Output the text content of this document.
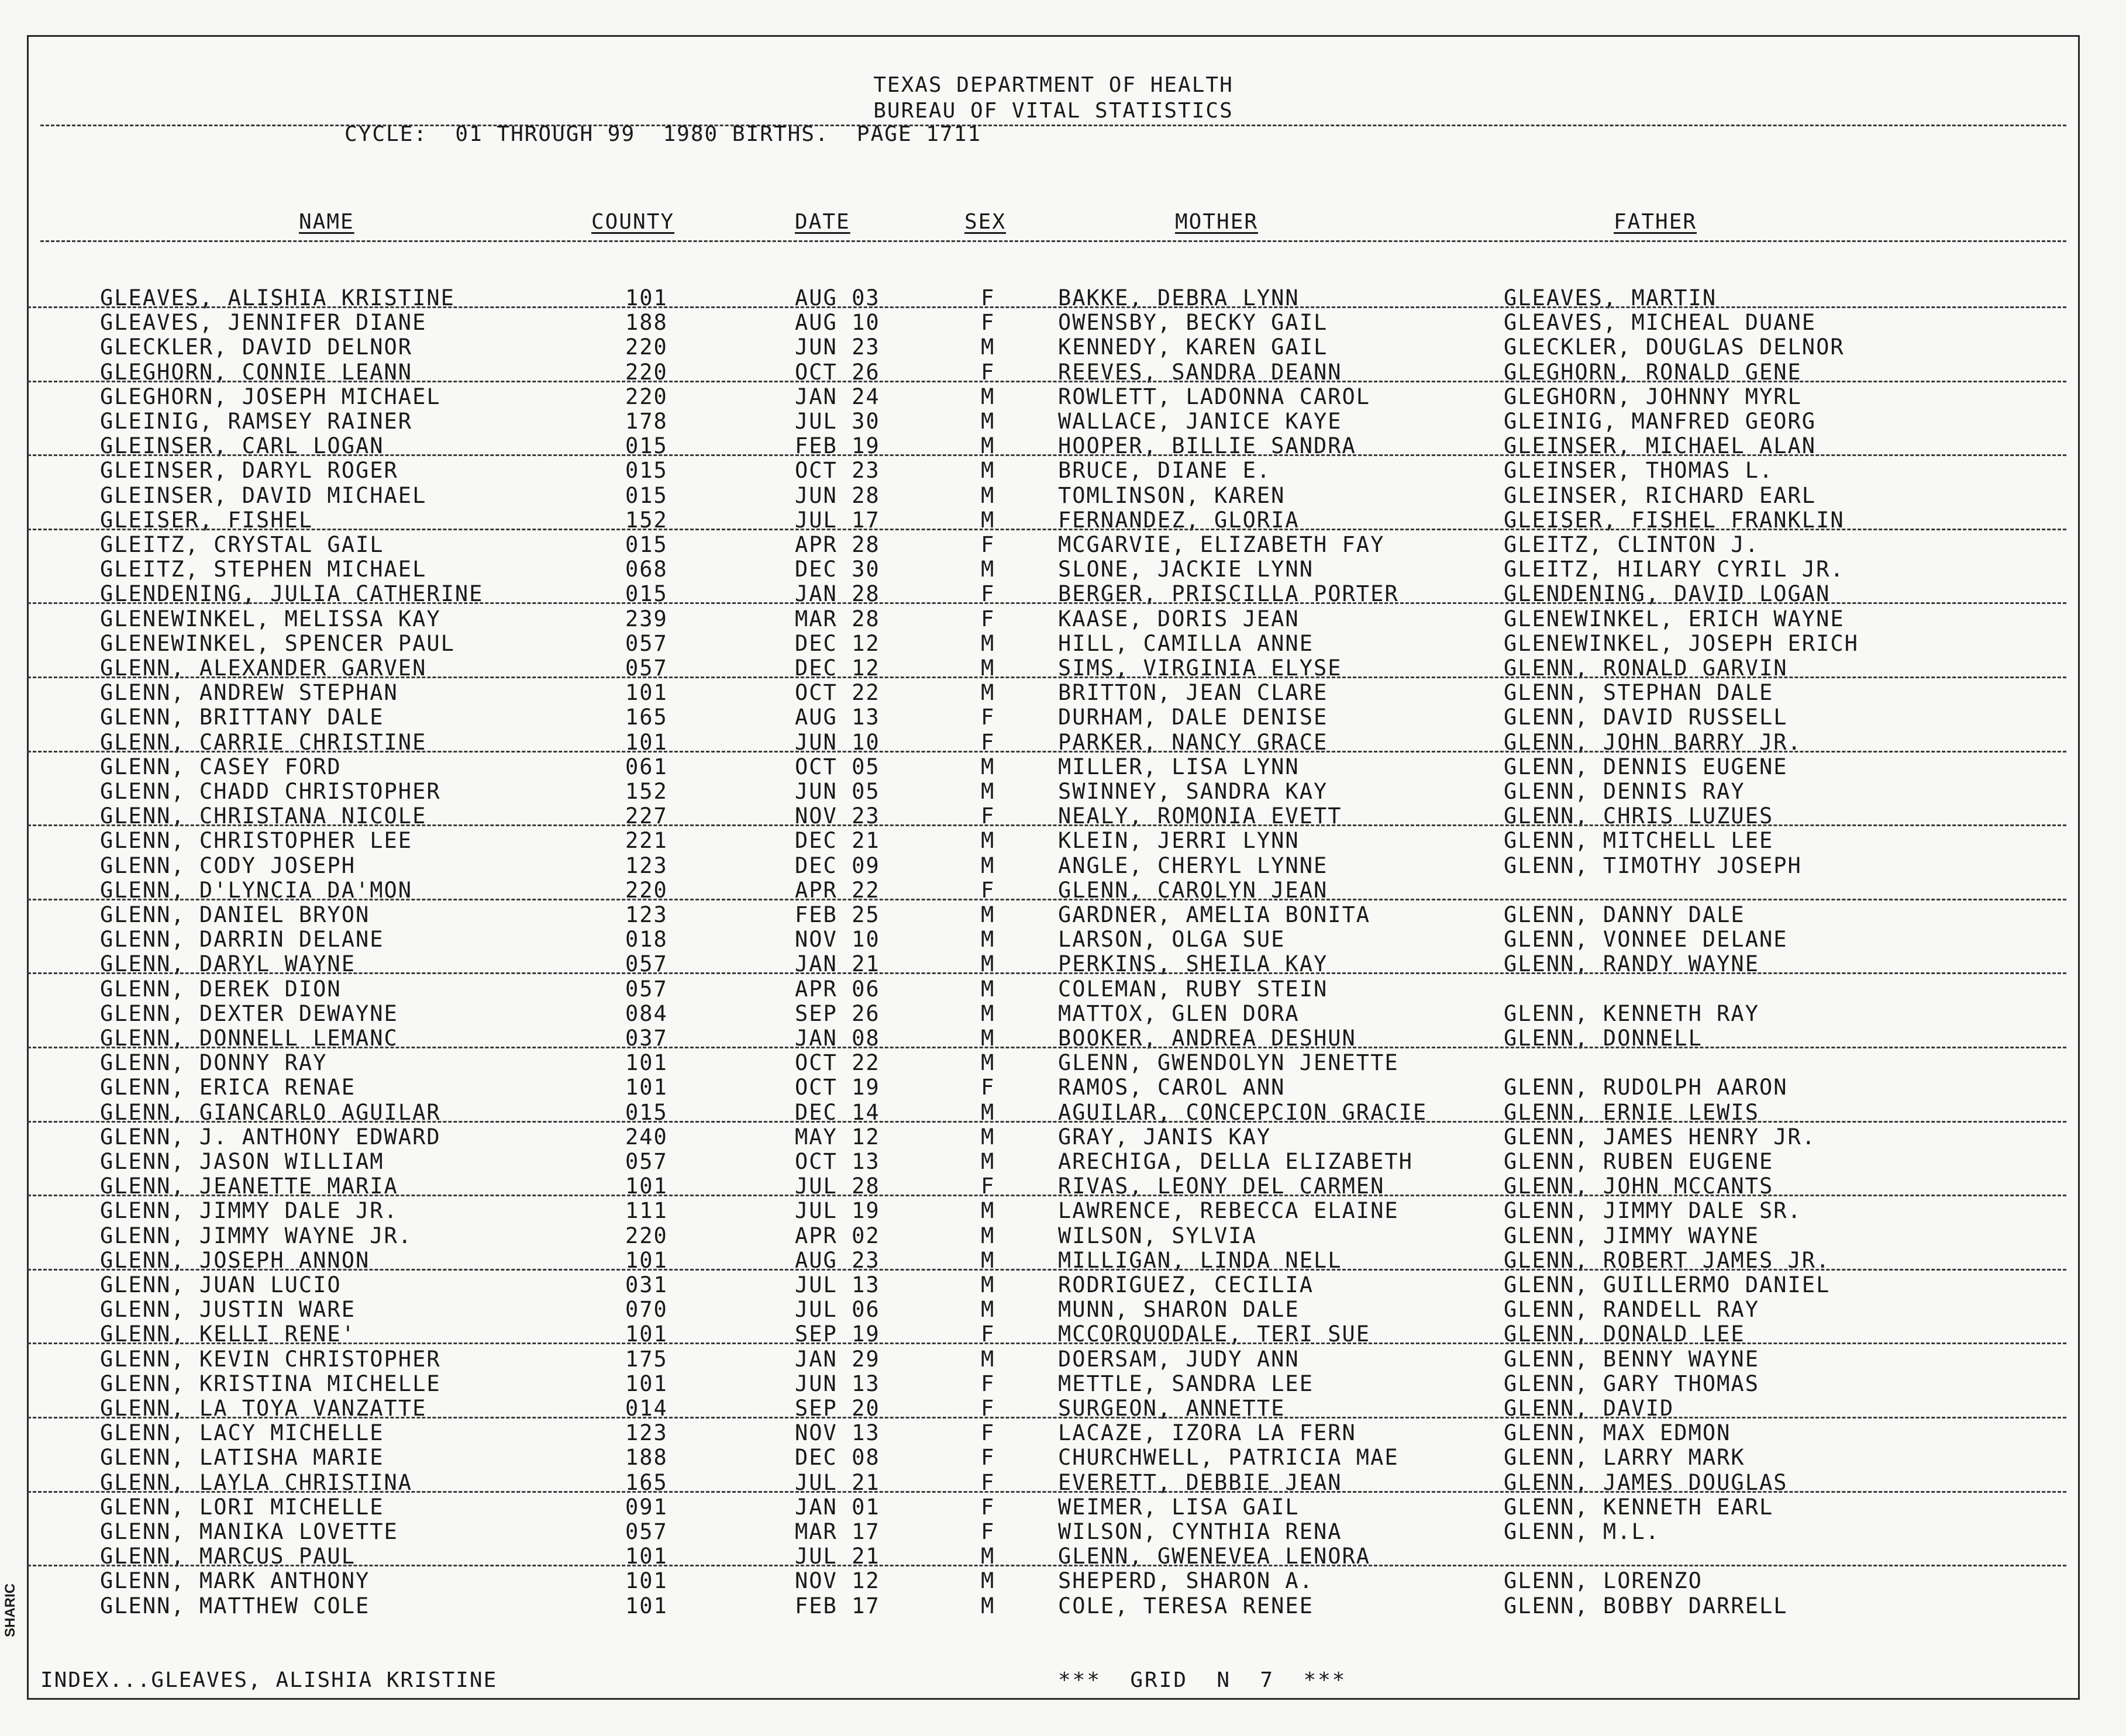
SHARIC
TEXAS DEPARTMENT OF HEALTH
BUREAU OF VITAL STATISTICS
CYCLE:  01 THROUGH 99  1980 BIRTHS.  PAGE 1711
NAME	COUNTY	DATE	SEX	MOTHER	FATHER
GLEAVES, ALISHIA KRISTINE	101	AUG 03	F	BAKKE, DEBRA LYNN	GLEAVES, MARTIN
GLEAVES, JENNIFER DIANE	188	AUG 10	F	OWENSBY, BECKY GAIL	GLEAVES, MICHEAL DUANE
GLECKLER, DAVID DELNOR	220	JUN 23	M	KENNEDY, KAREN GAIL	GLECKLER, DOUGLAS DELNOR
GLEGHORN, CONNIE LEANN	220	OCT 26	F	REEVES, SANDRA DEANN	GLEGHORN, RONALD GENE
GLEGHORN, JOSEPH MICHAEL	220	JAN 24	M	ROWLETT, LADONNA CAROL	GLEGHORN, JOHNNY MYRL
GLEINIG, RAMSEY RAINER	178	JUL 30	M	WALLACE, JANICE KAYE	GLEINIG, MANFRED GEORG
GLEINSER, CARL LOGAN	015	FEB 19	M	HOOPER, BILLIE SANDRA	GLEINSER, MICHAEL ALAN
GLEINSER, DARYL ROGER	015	OCT 23	M	BRUCE, DIANE E.	GLEINSER, THOMAS L.
GLEINSER, DAVID MICHAEL	015	JUN 28	M	TOMLINSON, KAREN	GLEINSER, RICHARD EARL
GLEISER, FISHEL	152	JUL 17	M	FERNANDEZ, GLORIA	GLEISER, FISHEL FRANKLIN
GLEITZ, CRYSTAL GAIL	015	APR 28	F	MCGARVIE, ELIZABETH FAY	GLEITZ, CLINTON J.
GLEITZ, STEPHEN MICHAEL	068	DEC 30	M	SLONE, JACKIE LYNN	GLEITZ, HILARY CYRIL JR.
GLENDENING, JULIA CATHERINE	015	JAN 28	F	BERGER, PRISCILLA PORTER	GLENDENING, DAVID LOGAN
GLENEWINKEL, MELISSA KAY	239	MAR 28	F	KAASE, DORIS JEAN	GLENEWINKEL, ERICH WAYNE
GLENEWINKEL, SPENCER PAUL	057	DEC 12	M	HILL, CAMILLA ANNE	GLENEWINKEL, JOSEPH ERICH
GLENN, ALEXANDER GARVEN	057	DEC 12	M	SIMS, VIRGINIA ELYSE	GLENN, RONALD GARVIN
GLENN, ANDREW STEPHAN	101	OCT 22	M	BRITTON, JEAN CLARE	GLENN, STEPHAN DALE
GLENN, BRITTANY DALE	165	AUG 13	F	DURHAM, DALE DENISE	GLENN, DAVID RUSSELL
GLENN, CARRIE CHRISTINE	101	JUN 10	F	PARKER, NANCY GRACE	GLENN, JOHN BARRY JR.
GLENN, CASEY FORD	061	OCT 05	M	MILLER, LISA LYNN	GLENN, DENNIS EUGENE
GLENN, CHADD CHRISTOPHER	152	JUN 05	M	SWINNEY, SANDRA KAY	GLENN, DENNIS RAY
GLENN, CHRISTANA NICOLE	227	NOV 23	F	NEALY, ROMONIA EVETT	GLENN, CHRIS LUZUES
GLENN, CHRISTOPHER LEE	221	DEC 21	M	KLEIN, JERRI LYNN	GLENN, MITCHELL LEE
GLENN, CODY JOSEPH	123	DEC 09	M	ANGLE, CHERYL LYNNE	GLENN, TIMOTHY JOSEPH
GLENN, D'LYNCIA DA'MON	220	APR 22	F	GLENN, CAROLYN JEAN
GLENN, DANIEL BRYON	123	FEB 25	M	GARDNER, AMELIA BONITA	GLENN, DANNY DALE
GLENN, DARRIN DELANE	018	NOV 10	M	LARSON, OLGA SUE	GLENN, VONNEE DELANE
GLENN, DARYL WAYNE	057	JAN 21	M	PERKINS, SHEILA KAY	GLENN, RANDY WAYNE
GLENN, DEREK DION	057	APR 06	M	COLEMAN, RUBY STEIN
GLENN, DEXTER DEWAYNE	084	SEP 26	M	MATTOX, GLEN DORA	GLENN, KENNETH RAY
GLENN, DONNELL LEMANC	037	JAN 08	M	BOOKER, ANDREA DESHUN	GLENN, DONNELL
GLENN, DONNY RAY	101	OCT 22	M	GLENN, GWENDOLYN JENETTE
GLENN, ERICA RENAE	101	OCT 19	F	RAMOS, CAROL ANN	GLENN, RUDOLPH AARON
GLENN, GIANCARLO AGUILAR	015	DEC 14	M	AGUILAR, CONCEPCION GRACIE	GLENN, ERNIE LEWIS
GLENN, J. ANTHONY EDWARD	240	MAY 12	M	GRAY, JANIS KAY	GLENN, JAMES HENRY JR.
GLENN, JASON WILLIAM	057	OCT 13	M	ARECHIGA, DELLA ELIZABETH	GLENN, RUBEN EUGENE
GLENN, JEANETTE MARIA	101	JUL 28	F	RIVAS, LEONY DEL CARMEN	GLENN, JOHN MCCANTS
GLENN, JIMMY DALE JR.	111	JUL 19	M	LAWRENCE, REBECCA ELAINE	GLENN, JIMMY DALE SR.
GLENN, JIMMY WAYNE JR.	220	APR 02	M	WILSON, SYLVIA	GLENN, JIMMY WAYNE
GLENN, JOSEPH ANNON	101	AUG 23	M	MILLIGAN, LINDA NELL	GLENN, ROBERT JAMES JR.
GLENN, JUAN LUCIO	031	JUL 13	M	RODRIGUEZ, CECILIA	GLENN, GUILLERMO DANIEL
GLENN, JUSTIN WARE	070	JUL 06	M	MUNN, SHARON DALE	GLENN, RANDELL RAY
GLENN, KELLI RENE'	101	SEP 19	F	MCCORQUODALE, TERI SUE	GLENN, DONALD LEE
GLENN, KEVIN CHRISTOPHER	175	JAN 29	M	DOERSAM, JUDY ANN	GLENN, BENNY WAYNE
GLENN, KRISTINA MICHELLE	101	JUN 13	F	METTLE, SANDRA LEE	GLENN, GARY THOMAS
GLENN, LA TOYA VANZATTE	014	SEP 20	F	SURGEON, ANNETTE	GLENN, DAVID
GLENN, LACY MICHELLE	123	NOV 13	F	LACAZE, IZORA LA FERN	GLENN, MAX EDMON
GLENN, LATISHA MARIE	188	DEC 08	F	CHURCHWELL, PATRICIA MAE	GLENN, LARRY MARK
GLENN, LAYLA CHRISTINA	165	JUL 21	F	EVERETT, DEBBIE JEAN	GLENN, JAMES DOUGLAS
GLENN, LORI MICHELLE	091	JAN 01	F	WEIMER, LISA GAIL	GLENN, KENNETH EARL
GLENN, MANIKA LOVETTE	057	MAR 17	F	WILSON, CYNTHIA RENA	GLENN, M.L.
GLENN, MARCUS PAUL	101	JUL 21	M	GLENN, GWENEVEA LENORA
GLENN, MARK ANTHONY	101	NOV 12	M	SHEPERD, SHARON A.	GLENN, LORENZO
GLENN, MATTHEW COLE	101	FEB 17	M	COLE, TERESA RENEE	GLENN, BOBBY DARRELL
INDEX...GLEAVES, ALISHIA KRISTINE	***  GRID  N  7  ***
